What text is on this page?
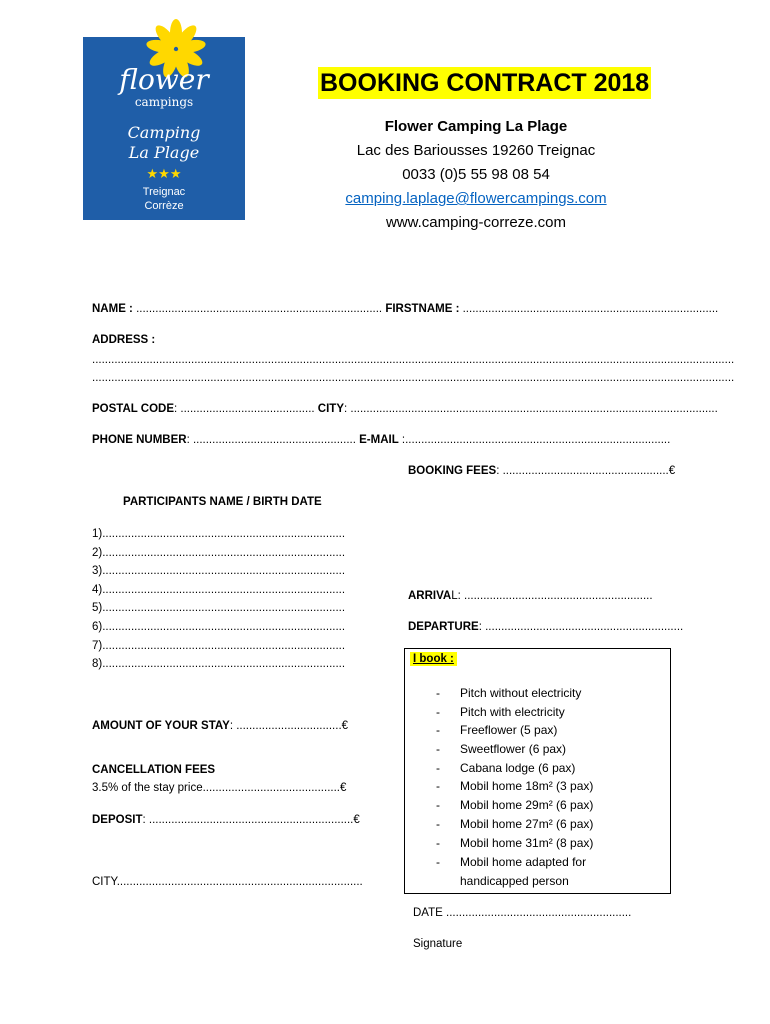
flower
campings
Camping
La Plage
★★★
Treignac
Corrèze
BOOKING CONTRACT 2018
Flower Camping La Plage
Lac des Bariousses 19260 Treignac
0033 (0)5 55 98 08 54
camping.laplage@flowercampings.com
www.camping-correze.com
NAME : ............................................................................. FIRSTNAME : ................................................................................
ADDRESS :
.........................................................................................................................................................................................................
.........................................................................................................................................................................................................
POSTAL CODE: .......................................... CITY: ...................................................................................................................
PHONE NUMBER: ................................................... E-MAIL :...................................................................................
BOOKING FEES: ....................................................€
PARTICIPANTS NAME / BIRTH DATE
1)............................................................................
2)............................................................................
3)............................................................................
4)............................................................................
5)............................................................................
6)............................................................................
7)............................................................................
8)............................................................................
ARRIVAL: ...........................................................
DEPARTURE: ..............................................................
I book :
- Pitch without electricity
- Pitch with electricity
- Freeflower (5 pax)
- Sweetflower (6 pax)
- Cabana lodge (6 pax)
- Mobil home 18m² (3 pax)
- Mobil home 29m² (6 pax)
- Mobil home 27m² (6 pax)
- Mobil home 31m² (8 pax)
- Mobil home adapted for
handicapped person
AMOUNT OF YOUR STAY: .................................€
CANCELLATION FEES
3.5% of the stay price...........................................€
DEPOSIT: ................................................................€
CITY.............................................................................
DATE ..........................................................
Signature
